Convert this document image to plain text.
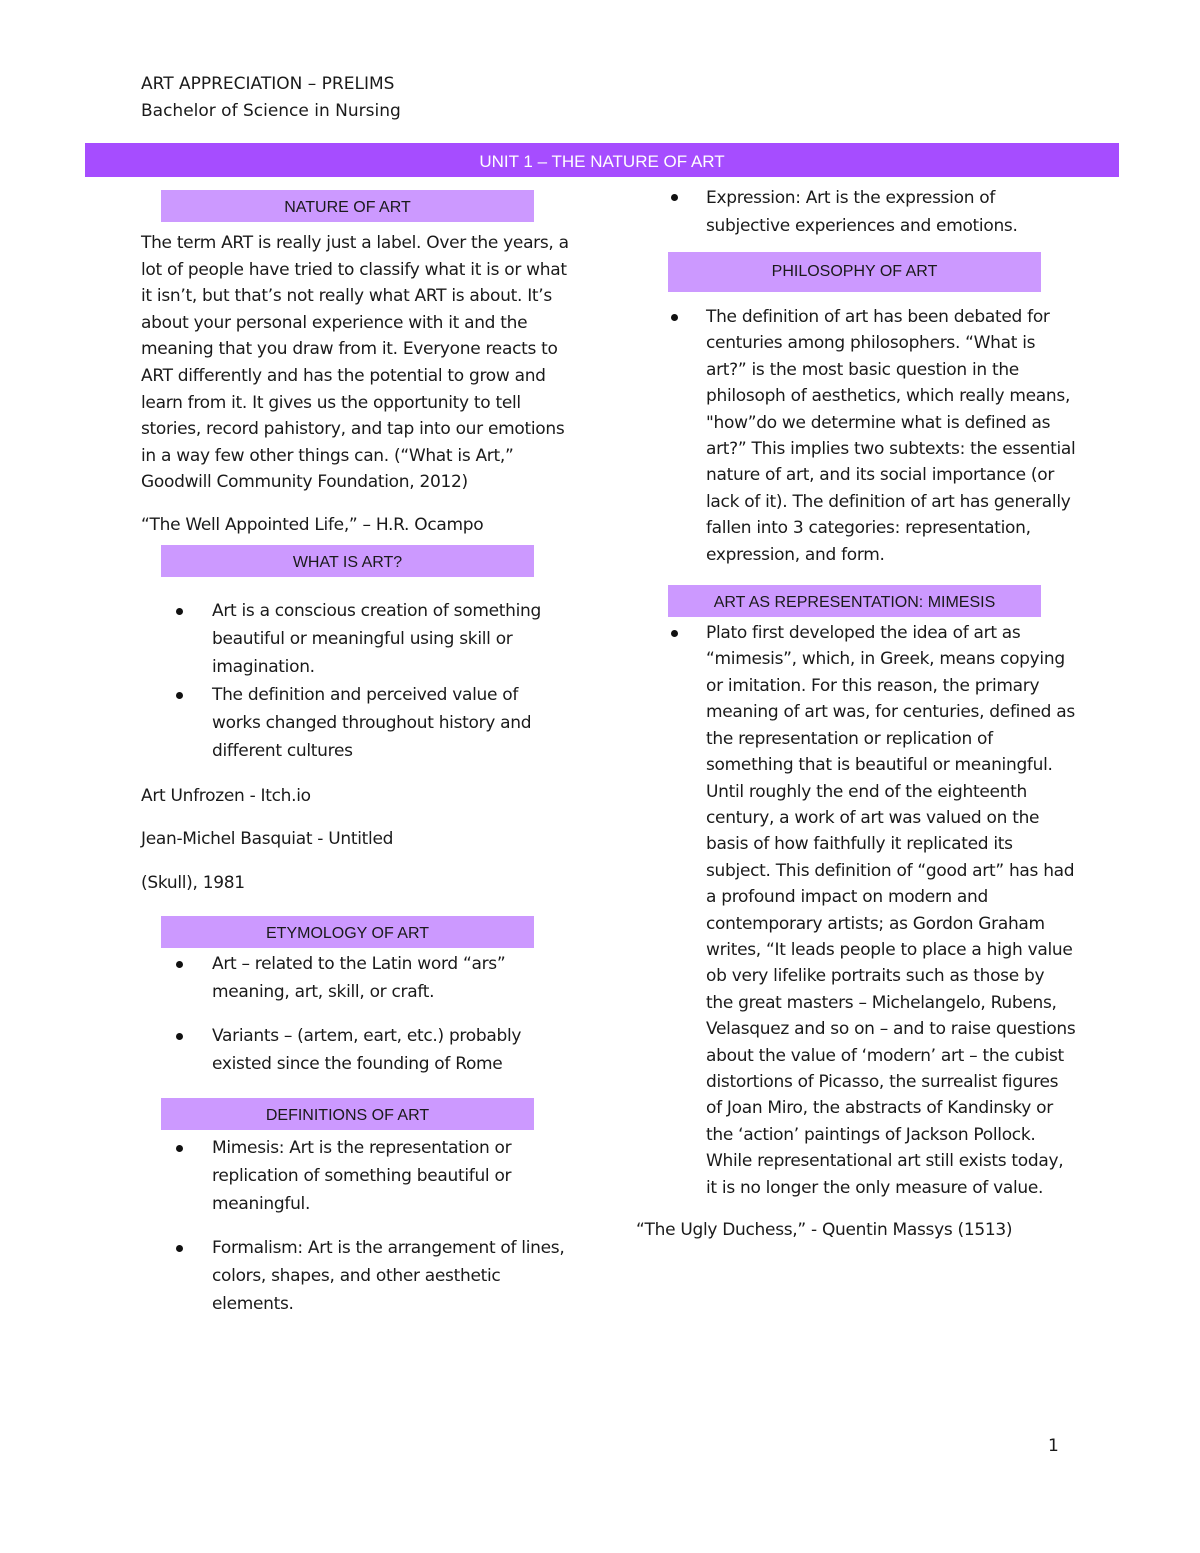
ART APPRECIATION – PRELIMS
Bachelor of Science in Nursing
UNIT 1 – THE NATURE OF ART
NATURE OF ART

The term ART is really just a label. Over the years, a lot of people have tried to classify what it is or what it isn’t, but that’s not really what ART is about. It’s about your personal experience with it and the meaning that you draw from it. Everyone reacts to ART differently and has the potential to grow and learn from it. It gives us the opportunity to tell stories, record pahistory, and tap into our emotions in a way few other things can. (“What is Art,” Goodwill Community Foundation, 2012)

“The Well Appointed Life,” – H.R. Ocampo

WHAT IS ART?
Art is a conscious creation of something beautiful or meaningful using skill or imagination.
The definition and perceived value of works changed throughout history and different cultures

Art Unfrozen - Itch.io

Jean-Michel Basquiat - Untitled

(Skull), 1981

ETYMOLOGY OF ART
Art – related to the Latin word “ars” meaning, art, skill, or craft.
Variants – (artem, eart, etc.) probably existed since the founding of Rome
DEFINITIONS OF ART
Mimesis: Art is the representation or replication of something beautiful or meaningful.
Formalism: Art is the arrangement of lines, colors, shapes, and other aesthetic elements.
Expression: Art is the expression of subjective experiences and emotions.
PHILOSOPHY OF ART
The definition of art has been debated for centuries among philosophers. “What is art?” is the most basic question in the philosoph of aesthetics, which really means, "how”do we determine what is defined as art?” This implies two subtexts: the essential nature of art, and its social importance (or lack of it). The definition of art has generally fallen into 3 categories: representation, expression, and form.
ART AS REPRESENTATION: MIMESIS
Plato first developed the idea of art as “mimesis”, which, in Greek, means copying or imitation. For this reason, the primary meaning of art was, for centuries, defined as the representation or replication of something that is beautiful or meaningful. Until roughly the end of the eighteenth century, a work of art was valued on the basis of how faithfully it replicated its subject. This definition of “good art” has had a profound impact on modern and contemporary artists; as Gordon Graham writes, “It leads people to place a high value ob very lifelike portraits such as those by the great masters – Michelangelo, Rubens, Velasquez and so on – and to raise questions about the value of ‘modern’ art – the cubist distortions of Picasso, the surrealist figures of Joan Miro, the abstracts of Kandinsky or the ‘action’ paintings of Jackson Pollock. While representational art still exists today, it is no longer the only measure of value.

“The Ugly Duchess,” - Quentin Massys (1513)

1
